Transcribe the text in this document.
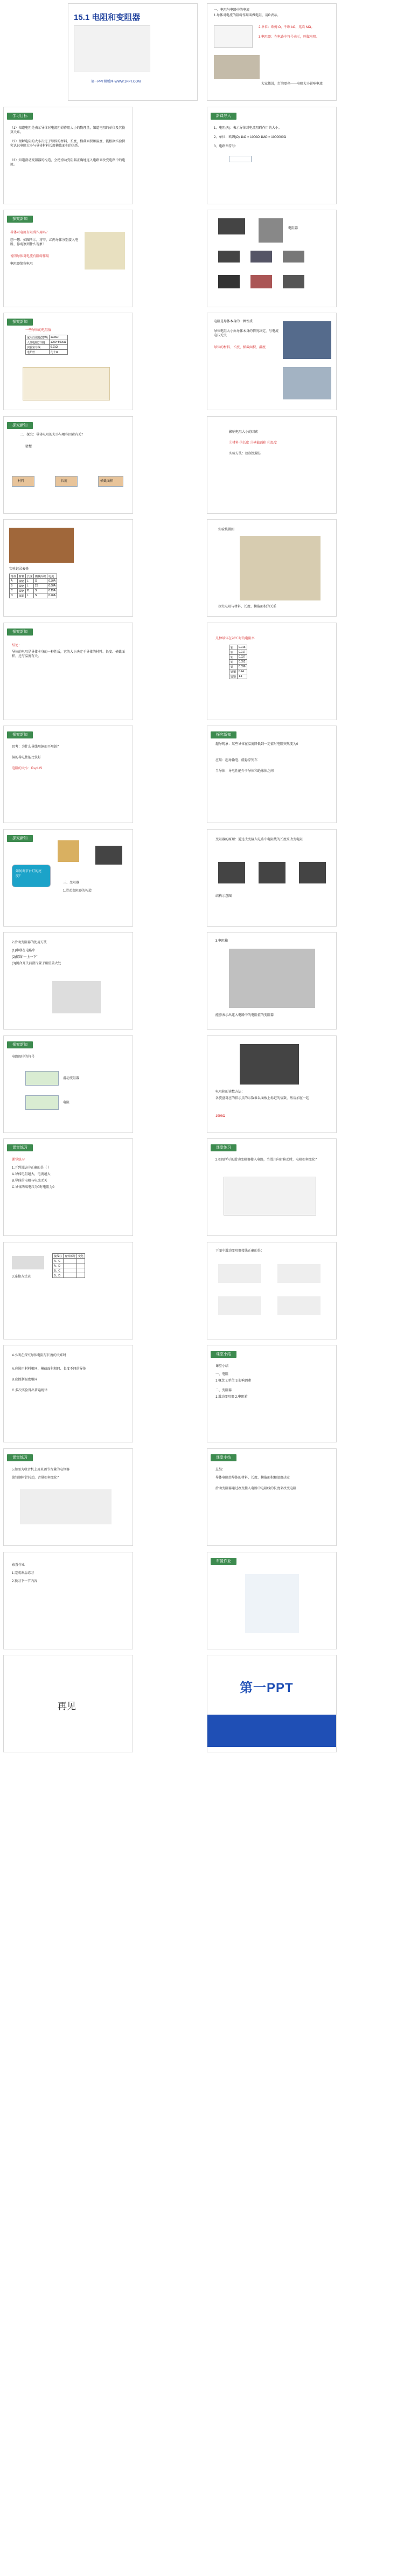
15.1 电阻和变阻器
第一PPT模板网-WWW.1PPT.COM
一、电阻与电路中的电流
1.导体对电流的阻碍作用叫做电阻，用R表示。
2.单位：欧姆 Ω，千欧 kΩ，兆欧 MΩ。
3.电阻器：在电路中符号表示，叫做电阻。
大家都说，灯泡更亮——电阻大小影响电流
学习目标
（1）知道电阻是表示导体对电流阻碍作用大小的物理量，知道电阻的单位及其换算关系。
（2）理解电阻的大小决定于导体的材料、长度、横截面积和温度，能根据实验探究认识电阻大小与导体材料长度横截面积的关系。
（3）知道滑动变阻器的构造，会把滑动变阻器正确地连入电路来改变电路中的电流。
新课导入
1、电阻(R)：表示导体对电流阻碍作用的大小。
2、单位：欧姆(Ω) 1kΩ = 1000Ω 1MΩ = 1000000Ω
3、电路图符号：
探究新知
导体对电流有阻碍作用吗？
想一想：如图所示，将甲、乙两导体分别接入电路，你观察到什么现象？
说明导体对电流有阻碍作用
电阻器简称电阻
电阻器
探究新知
一些导体的电阻值
家用白炽灯(25W)	1936Ω
人体电阻(干燥)	1000~5000Ω
实验室导线	0.01Ω
电炉丝	几十Ω
电阻是导体本身的一种性质
导体电阻大小由导体本身的情况决定，与电流电压无关
导体的材料、长度、横截面积、温度
探究新知
二、探究：导体电阻的大小与哪些因素有关？
猜想
材料	长度	横截面积
影响电阻大小的因素
①材料 ②长度 ③横截面积 ④温度
实验方法：控制变量法
实验记录表格
导体	材料	长度	横截面积	电流
A	镍铬	L	S	0.30A
B	镍铬	L	2S	0.60A
C	镍铬	2L	S	0.15A
D	锰铜	L	S	0.46A
实验装置图
探究电阻与材料、长度、横截面积的关系
探究新知
结论：
导体的电阻是导体本身的一种性质，它的大小决定于导体的材料、长度、横截面积，还与温度有关。
几种导体在20℃时的电阻率
银	0.016
铜	0.017
铝	0.027
钨	0.052
铁	0.096
锰铜	0.44
镍铬	1.1
探究新知
思考：为什么导线用铜而不用铁？
铜的导电性能比铁好
电阻的大小：R=ρL/S
探究新知
超导现象：某些导体在温度降低到一定值时电阻突然变为0
应用：超导输电、磁悬浮列车
半导体：导电性能介于导体和绝缘体之间
探究新知
如何调节台灯的亮度？
三、变阻器
1.滑动变阻器的构造
变阻器的原理：通过改变接入电路中电阻线的长度来改变电阻
结构示意图
2.滑动变阻器的使用方法
(1)串联在电路中
(2)接线“一上一下”
(3)闭合开关前滑片置于阻值最大处
3.电阻箱
能够表示出连入电路中的电阻值的变阻器
探究新知
电路图中的符号
滑动变阻器
电阻
电阻箱的读数方法：
各旋盘对应的指示点的示数乘以面板上标记的倍数，然后加在一起
1998Ω
课堂练习
课堂练习
1.下列说法中正确的是（ ）
A.导体电阻越大，电流越大
B.导体的电阻与电流无关
C.导体两端电压为0时电阻为0
课堂练习
2.如图所示的滑动变阻器接入电路，当滑片向右移动时，电阻如何变化？
接线柱	有效部分	变化
A、C		
A、D		
B、C		
B、D		
3.连接方式表
下图中滑动变阻器接法正确的是：
4.小明在探究导体电阻与长度的关系时
A.应选用材料相同、横截面积相同、长度不同的导体
B.应控制温度相同
C.多次实验得出普遍规律
课堂小结
课堂小结
一、电阻
1.概念 2.单位 3.影响因素
二、变阻器
1.滑动变阻器 2.电阻箱
课堂练习
5.如图为收音机上用来调节音量的电位器
旋钮顺时针转动，音量如何变化？
课堂小结
总结：
导体电阻由导体的材料、长度、横截面积和温度决定
滑动变阻器通过改变接入电路中电阻线的长度来改变电阻
布置作业
1.完成课后练习
2.预习下一节内容
布置作业
再见
第一PPT
